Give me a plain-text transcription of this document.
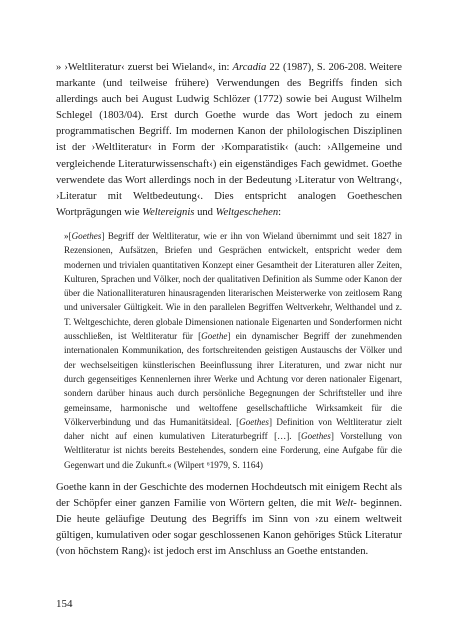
» ›Weltliteratur‹ zuerst bei Wieland«, in: Arcadia 22 (1987), S. 206-208. Weitere markante (und teilweise frühere) Verwendungen des Begriffs finden sich allerdings auch bei August Ludwig Schlözer (1772) sowie bei August Wilhelm Schlegel (1803/04). Erst durch Goethe wurde das Wort jedoch zu einem programmatischen Begriff. Im modernen Kanon der philologischen Disziplinen ist der ›Weltliteratur‹ in Form der ›Komparatistik‹ (auch: ›Allgemeine und vergleichende Literaturwissenschaft‹) ein eigenständiges Fach gewidmet. Goethe verwendete das Wort allerdings noch in der Bedeutung ›Literatur von Weltrang‹, ›Literatur mit Weltbedeutung‹. Dies entspricht analogen Goetheschen Wortprägungen wie Weltereignis und Weltgeschehen:

»[Goethes] Begriff der Weltliteratur, wie er ihn von Wieland übernimmt und seit 1827 in Rezensionen, Aufsätzen, Briefen und Gesprächen entwickelt, entspricht weder dem modernen und trivialen quantitativen Konzept einer Gesamtheit der Literaturen aller Zeiten, Kulturen, Sprachen und Völker, noch der qualitativen Definition als Summe oder Kanon der über die Nationalliteraturen hinausragenden literarischen Meisterwerke von zeitlosem Rang und universaler Gültigkeit. Wie in den parallelen Begriffen Weltverkehr, Welthandel und z. T. Weltgeschichte, deren globale Dimensionen nationale Eigenarten und Sonderformen nicht ausschließen, ist Weltliteratur für [Goethe] ein dynamischer Begriff der zunehmenden internationalen Kommunikation, des fortschreitenden geistigen Austauschs der Völker und der wechselseitigen künstlerischen Beeinflussung ihrer Literaturen, und zwar nicht nur durch gegenseitiges Kennenlernen ihrer Werke und Achtung vor deren nationaler Eigenart, sondern darüber hinaus auch durch persönliche Begegnungen der Schriftsteller und ihre gemeinsame, harmonische und weltoffene gesellschaftliche Wirksamkeit für die Völkerverbindung und das Humanitätsideal. [Goethes] Definition von Weltliteratur zielt daher nicht auf einen kumulativen Literaturbegriff […]. [Goethes] Vorstellung von Weltliteratur ist nichts bereits Bestehendes, sondern eine Forderung, eine Aufgabe für die Gegenwart und die Zukunft.« (Wilpert ⁶1979, S. 1164)

Goethe kann in der Geschichte des modernen Hochdeutsch mit einigem Recht als der Schöpfer einer ganzen Familie von Wörtern gelten, die mit Welt- beginnen. Die heute geläufige Deutung des Begriffs im Sinn von ›zu einem weltweit gültigen, kumulativen oder sogar geschlossenen Kanon gehöriges Stück Literatur (von höchstem Rang)‹ ist jedoch erst im Anschluss an Goethe entstanden.

154
